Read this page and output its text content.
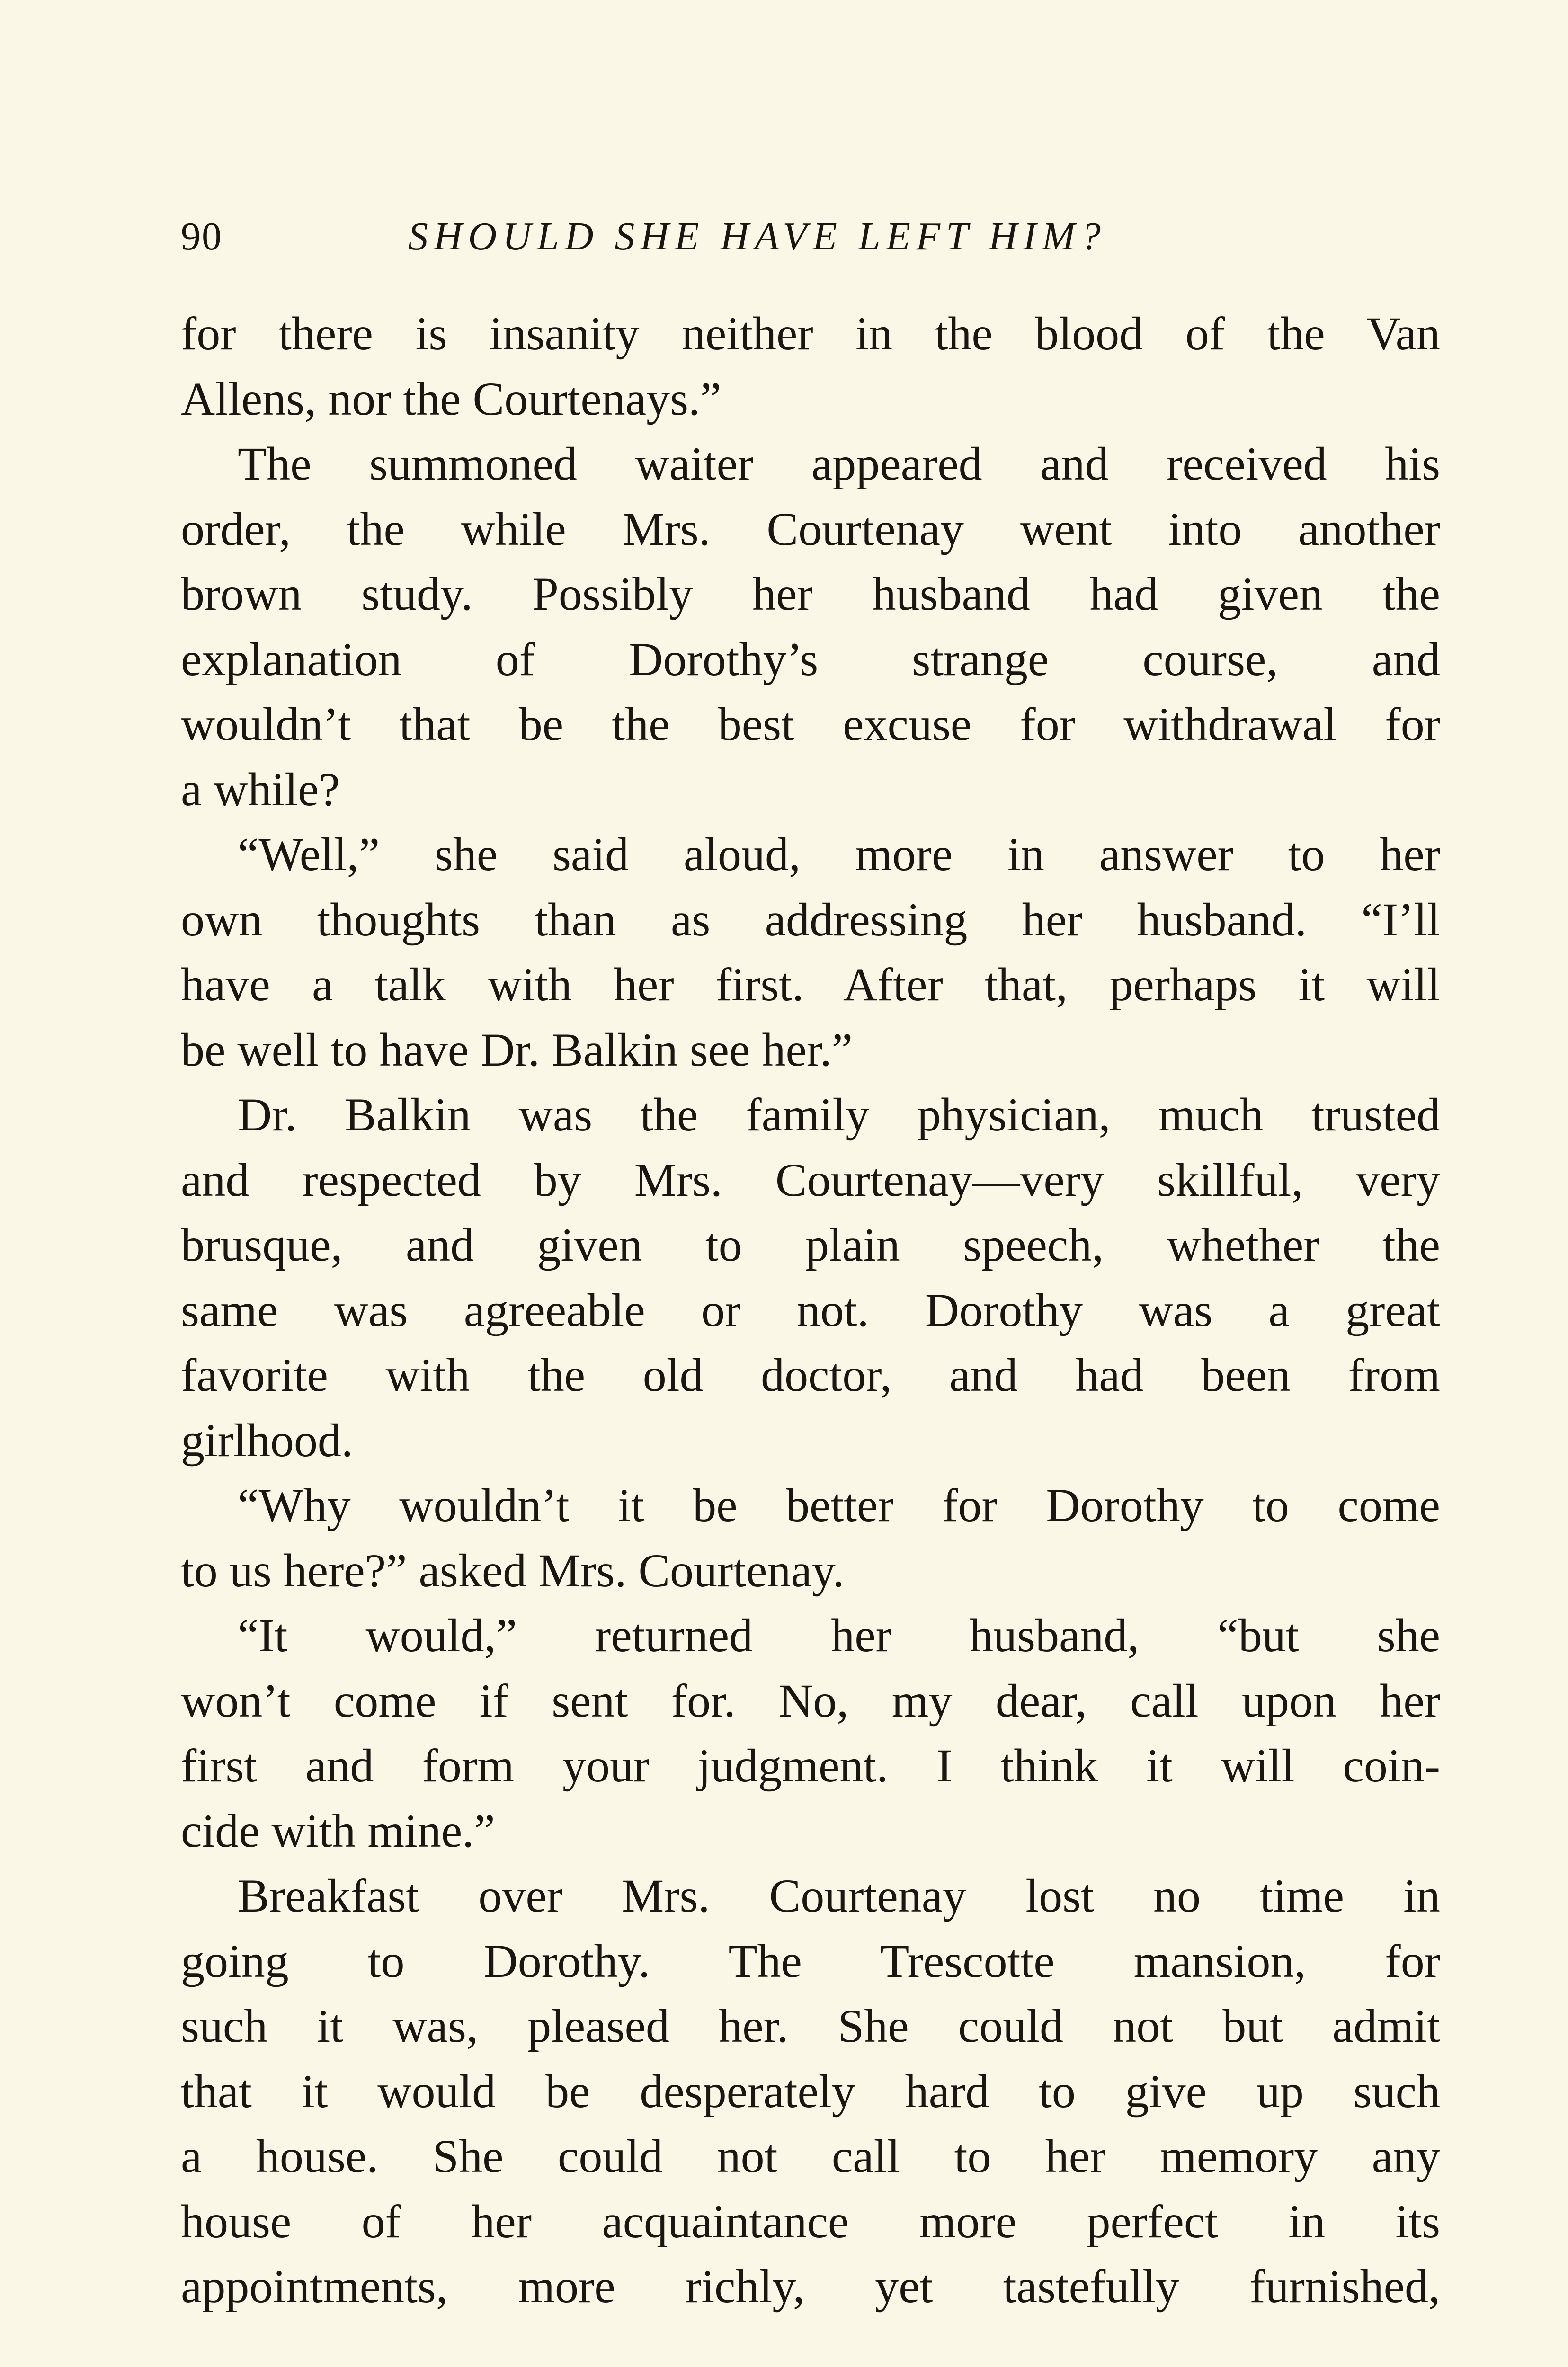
90	SHOULD SHE HAVE LEFT HIM?
for there is insanity neither in the blood of the Van
Allens, nor the Courtenays.”
The summoned waiter appeared and received his
order, the while Mrs. Courtenay went into another
brown study. Possibly her husband had given the
explanation of Dorothy’s strange course, and
wouldn’t that be the best excuse for withdrawal for
a while?
“Well,” she said aloud, more in answer to her
own thoughts than as addressing her husband. “I’ll
have a talk with her first. After that, perhaps it will
be well to have Dr. Balkin see her.”
Dr. Balkin was the family physician, much trusted
and respected by Mrs. Courtenay—very skillful, very
brusque, and given to plain speech, whether the
same was agreeable or not. Dorothy was a great
favorite with the old doctor, and had been from
girlhood.
“Why wouldn’t it be better for Dorothy to come
to us here?” asked Mrs. Courtenay.
“It would,” returned her husband, “but she
won’t come if sent for. No, my dear, call upon her
first and form your judgment. I think it will coin-
cide with mine.”
Breakfast over Mrs. Courtenay lost no time in
going to Dorothy. The Trescotte mansion, for
such it was, pleased her. She could not but admit
that it would be desperately hard to give up such
a house. She could not call to her memory any
house of her acquaintance more perfect in its
appointments, more richly, yet tastefully furnished,
